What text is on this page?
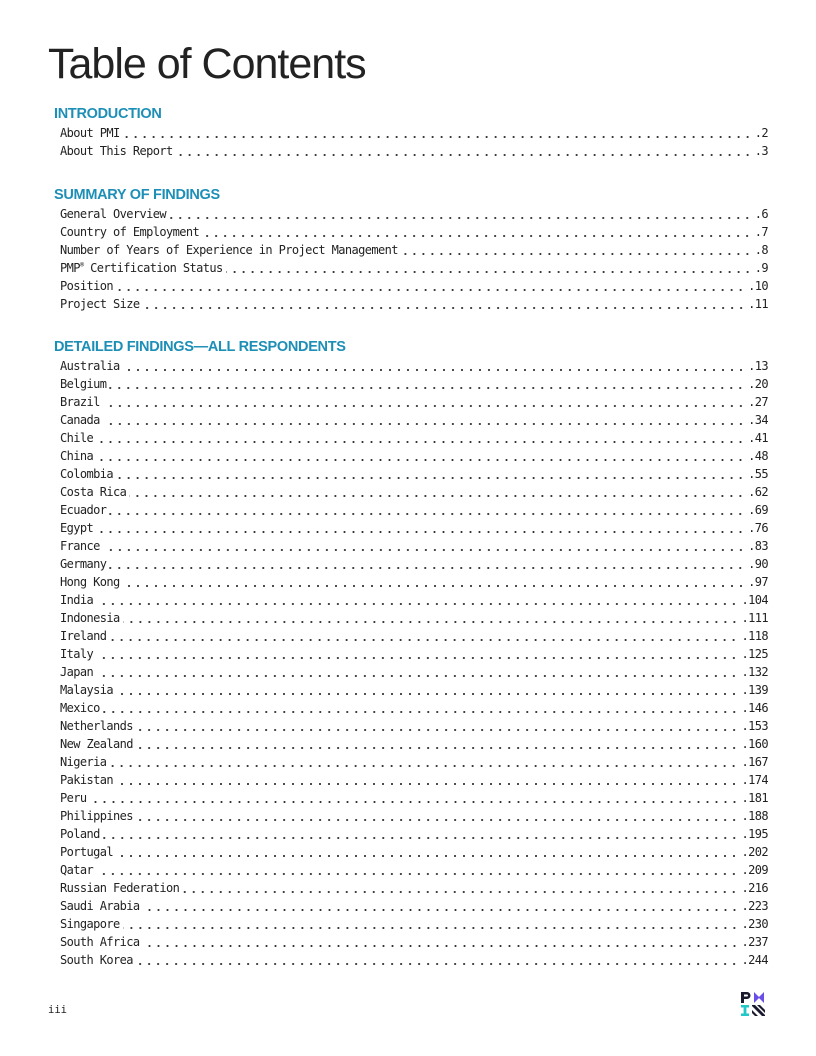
Table of Contents
INTRODUCTION
About PMI	. 2
About This Report	. 3
SUMMARY OF FINDINGS
General Overview	. 6
Country of Employment	. 7
Number of Years of Experience in Project Management	. 8
PMP® Certification Status	. 9
Position	. 10
Project Size	. 11
DETAILED FINDINGS—ALL RESPONDENTS
Australia	. 13
Belgium	. 20
Brazil	. 27
Canada	. 34
Chile	. 41
China	. 48
Colombia	. 55
Costa Rica	. 62
Ecuador	. 69
Egypt	. 76
France	. 83
Germany	. 90
Hong Kong	. 97
India	. 104
Indonesia	. 111
Ireland	. 118
Italy	. 125
Japan	. 132
Malaysia	. 139
Mexico	. 146
Netherlands	. 153
New Zealand	. 160
Nigeria	. 167
Pakistan	. 174
Peru	. 181
Philippines	. 188
Poland	. 195
Portugal	. 202
Qatar	. 209
Russian Federation	. 216
Saudi Arabia	. 223
Singapore	. 230
South Africa	. 237
South Korea	. 244
iii
